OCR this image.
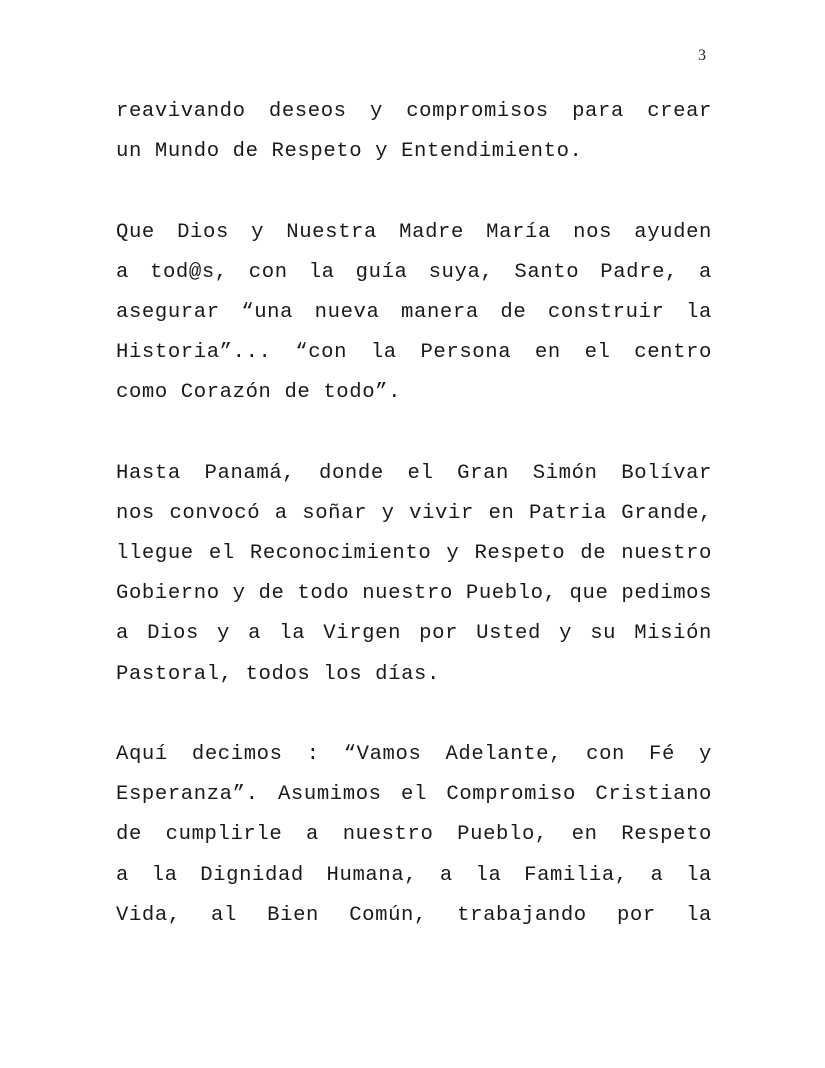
3
reavivando deseos y compromisos para crear
un Mundo de Respeto y Entendimiento.
Que Dios y Nuestra Madre María nos ayuden
a tod@s, con la guía suya, Santo Padre, a
asegurar “una nueva manera de construir la
Historia”... “con la Persona en el centro
como Corazón de todo”.
Hasta Panamá, donde el Gran Simón Bolívar
nos convocó a soñar y vivir en Patria Grande,
llegue el Reconocimiento y Respeto de nuestro
Gobierno y de todo nuestro Pueblo, que pedimos
a Dios y a la Virgen por Usted y su Misión
Pastoral, todos los días.
Aquí decimos : “Vamos Adelante, con Fé y
Esperanza”. Asumimos el Compromiso Cristiano
de cumplirle a nuestro Pueblo, en Respeto
a la Dignidad Humana, a la Familia, a la
Vida, al Bien Común, trabajando por la
